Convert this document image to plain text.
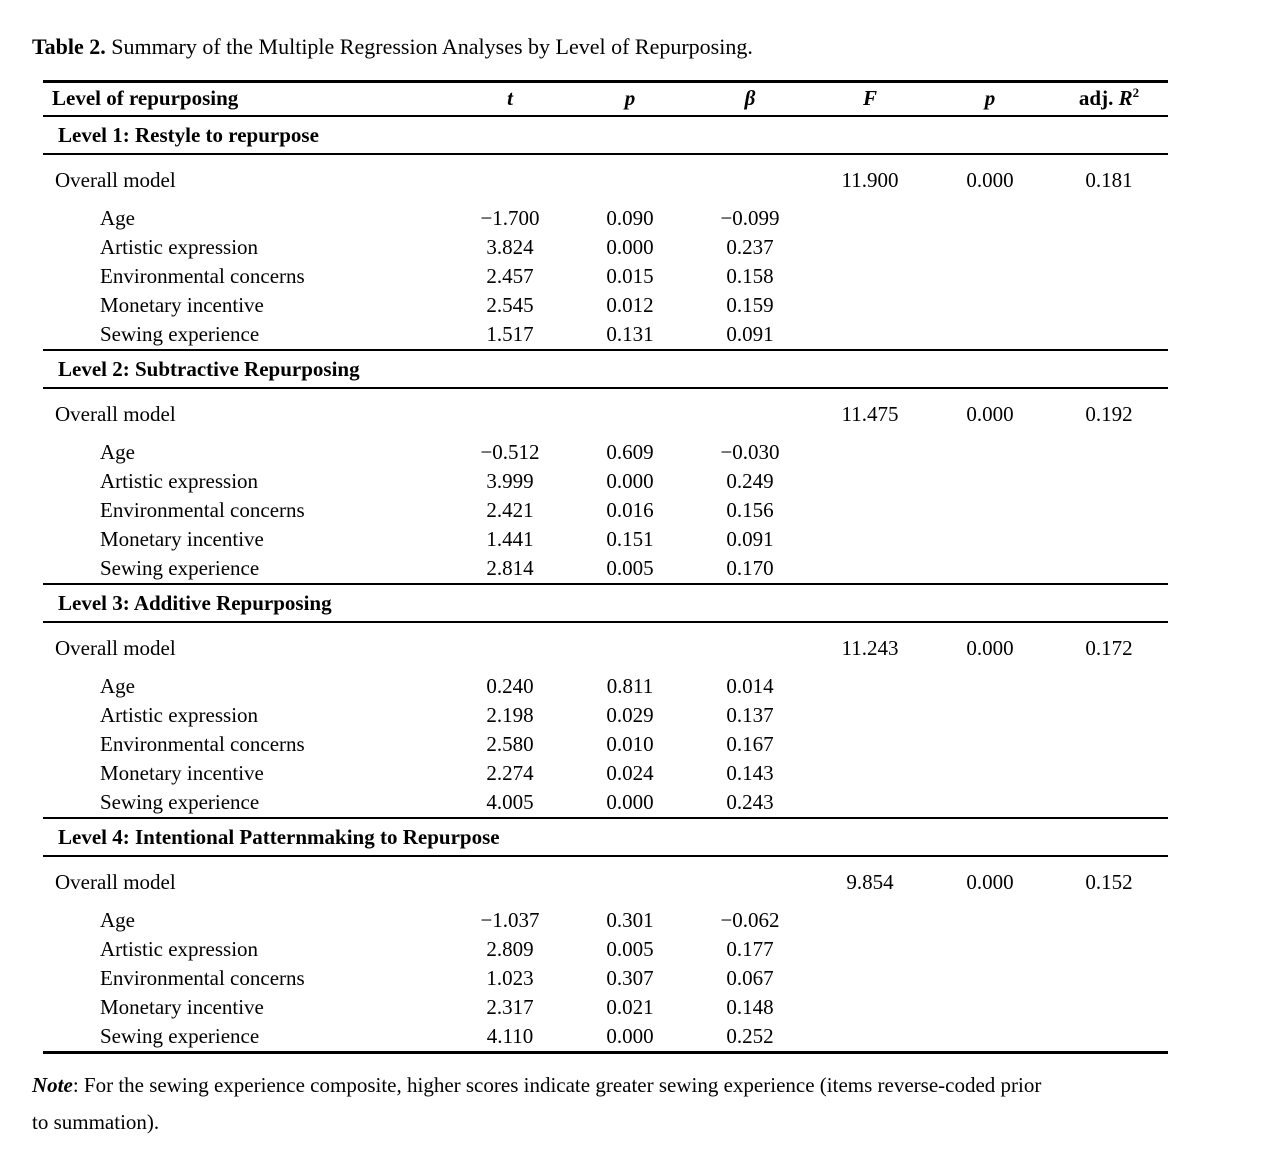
Table 2. Summary of the Multiple Regression Analyses by Level of Repurposing.

Level of repurposing	t	p	β	F	p	adj. $R^2$
Level 1: Restyle to repurpose						
Overall model				11.900	0.000	0.181
Age	−1.700	0.090	−0.099			
Artistic expression	3.824	0.000	0.237			
Environmental concerns	2.457	0.015	0.158			
Monetary incentive	2.545	0.012	0.159			
Sewing experience	1.517	0.131	0.091			
Level 2: Subtractive Repurposing						
Overall model				11.475	0.000	0.192
Age	−0.512	0.609	−0.030			
Artistic expression	3.999	0.000	0.249			
Environmental concerns	2.421	0.016	0.156			
Monetary incentive	1.441	0.151	0.091			
Sewing experience	2.814	0.005	0.170			
Level 3: Additive Repurposing						
Overall model				11.243	0.000	0.172
Age	0.240	0.811	0.014			
Artistic expression	2.198	0.029	0.137			
Environmental concerns	2.580	0.010	0.167			
Monetary incentive	2.274	0.024	0.143			
Sewing experience	4.005	0.000	0.243			
Level 4: Intentional Patternmaking to Repurpose						
Overall model				9.854	0.000	0.152
Age	−1.037	0.301	−0.062			
Artistic expression	2.809	0.005	0.177			
Environmental concerns	1.023	0.307	0.067			
Monetary incentive	2.317	0.021	0.148			
Sewing experience	4.110	0.000	0.252			

Note: For the sewing experience composite, higher scores indicate greater sewing experience (items reverse-coded prior
to summation).
